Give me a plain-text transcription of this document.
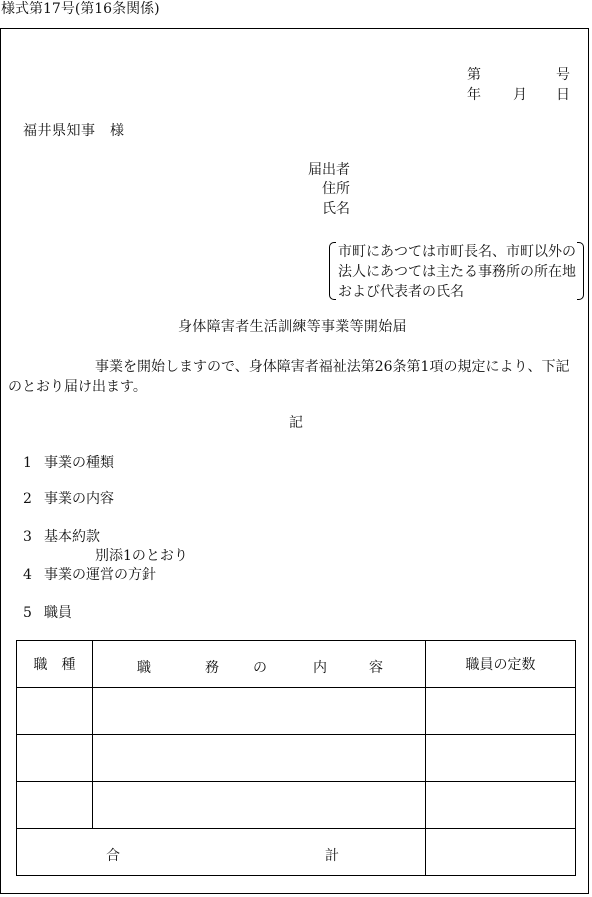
様式第17号(第16条関係)
第	号
年 月 日
福井県知事　様
届出者
住所
氏名
市町にあつては市町長名、市町以外の
法人にあつては主たる事務所の所在地
および代表者の氏名
身体障害者生活訓練等事業等開始届
事業を開始しますので、身体障害者福祉法第26条第1項の規定により、下記
のとおり届け出ます。
記
1 事業の種類
2 事業の内容
3 基本約款
別添1のとおり
4 事業の運営の方針
5 職員
職種	職 務 の 内 容	職員の定数

合 計		
